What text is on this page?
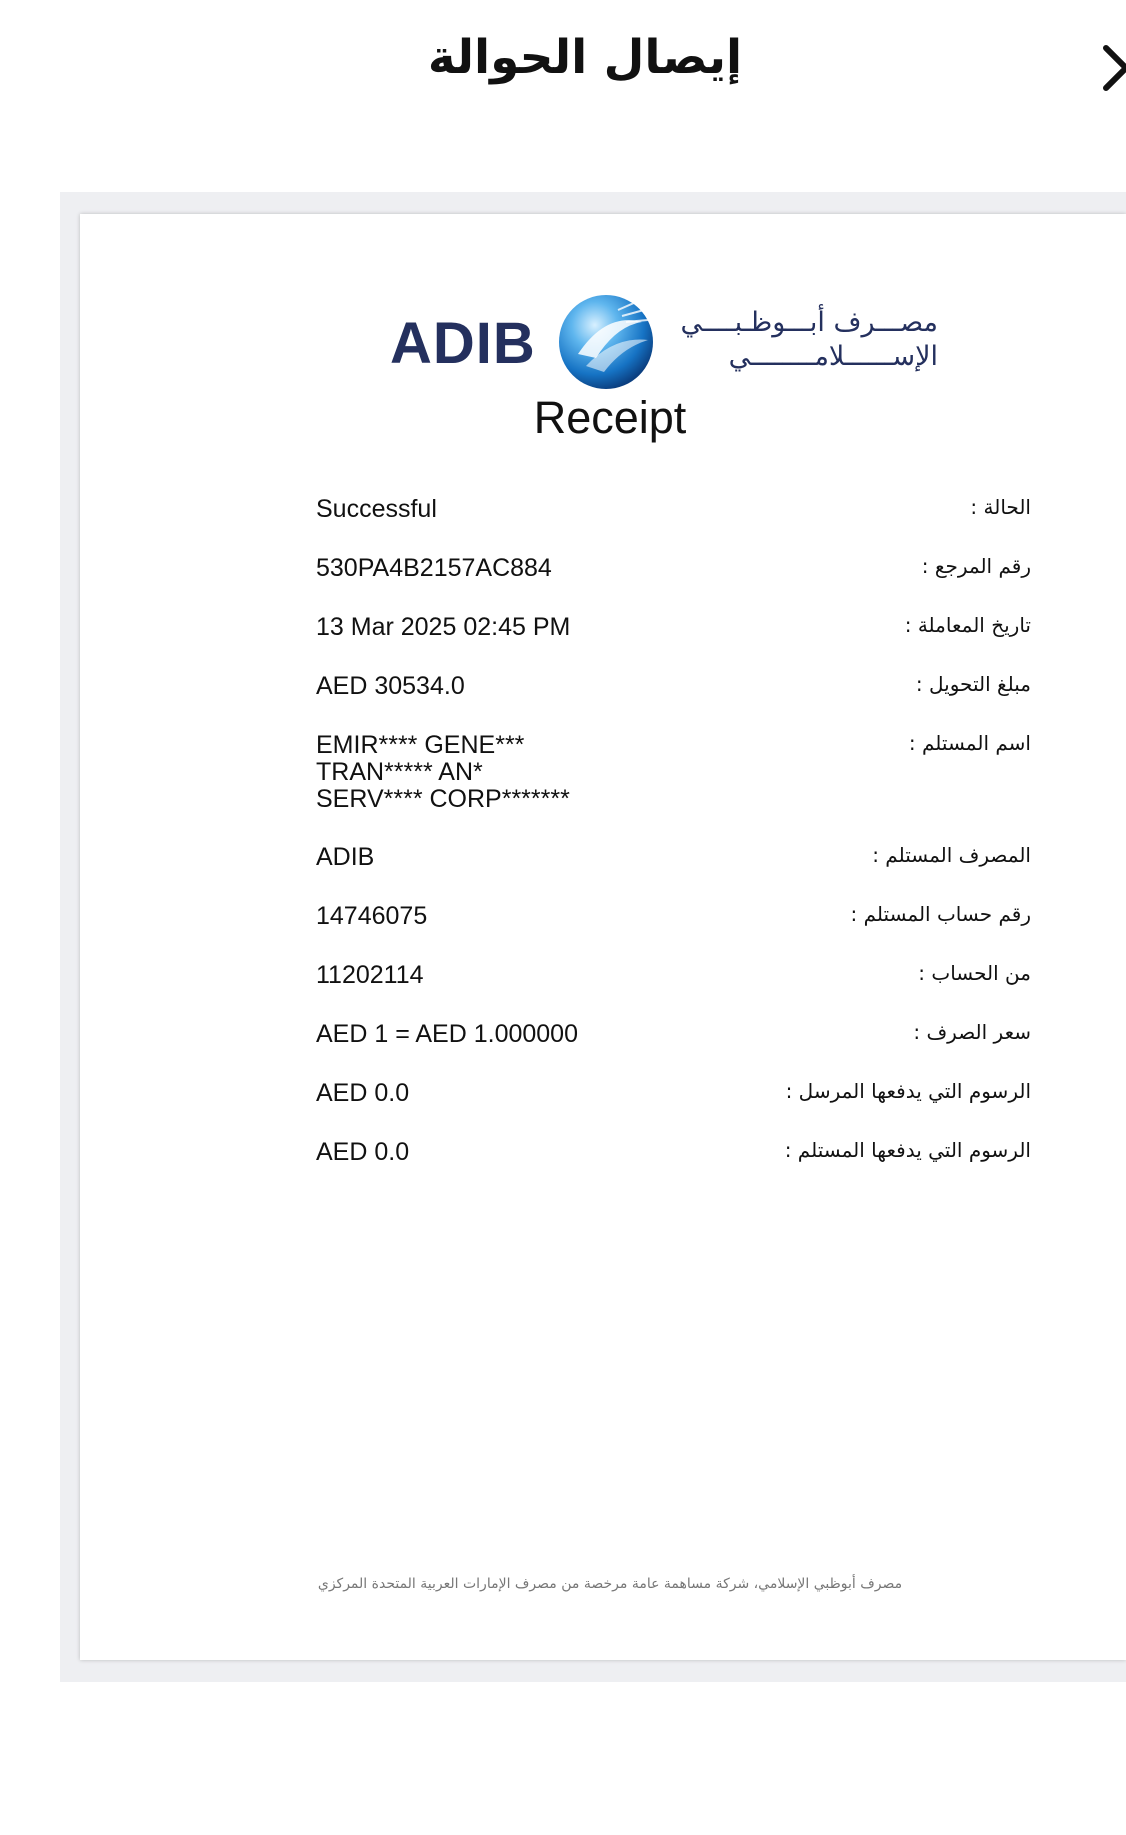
إيصال الحوالة
ADIB	مصـــرف أبـــوظـبــــي
الإســــــلامــــــــي
Receipt
Successful	الحالة :
530PA4B2157AC884	رقم المرجع :
13 Mar 2025 02:45 PM	تاريخ المعاملة :
AED 30534.0	مبلغ التحويل :
EMIR**** GENE***
TRAN***** AN*
SERV**** CORP*******
اسم المستلم :
ADIB	المصرف المستلم :
14746075	رقم حساب المستلم :
11202114	من الحساب :
AED 1 = AED 1.000000	سعر الصرف :
AED 0.0	الرسوم التي يدفعها المرسل :
AED 0.0	الرسوم التي يدفعها المستلم :
مصرف أبوظبي الإسلامي، شركة مساهمة عامة مرخصة من مصرف الإمارات العربية المتحدة المركزي
